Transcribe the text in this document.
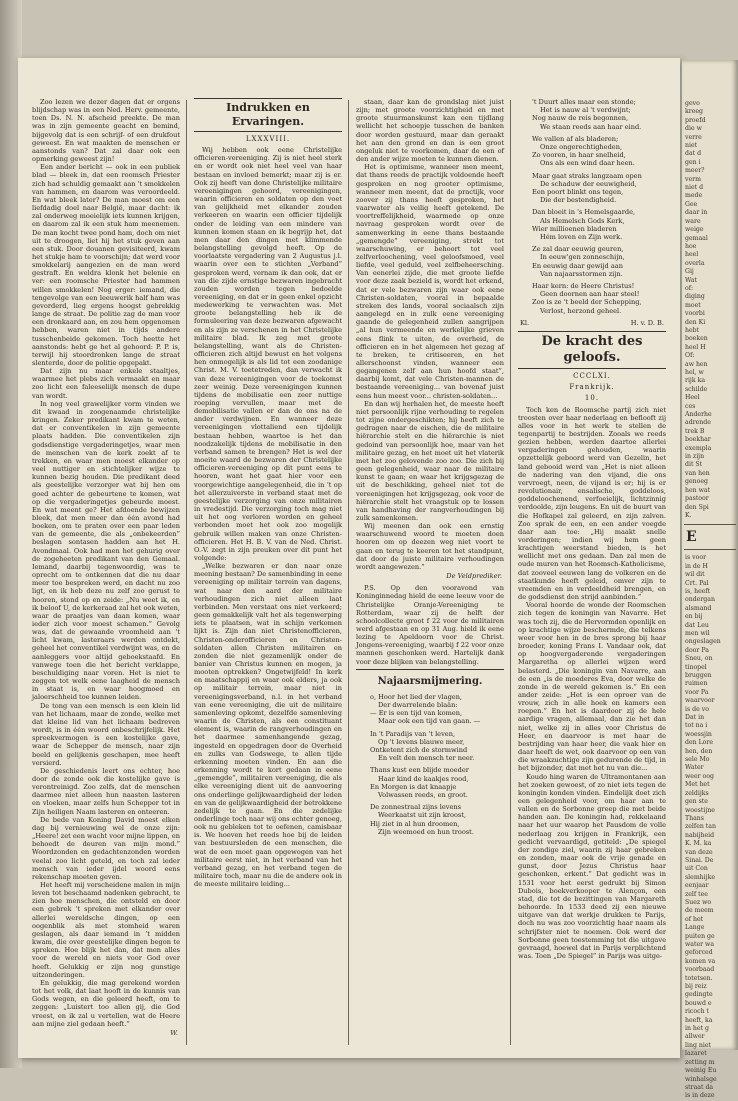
Zoo lezen we dezer dagen dat er orgens blijdschap was in een Ned. Herv. gemeente, toen Ds. N. N. afscheid preekte. De man was in zijn gemeente geacht en bemind, bijgevolg dat is een schrijf- of een drukfout geweest. En wat maakten de menschen er aanstonds van? Dat zal daar ook een opmerking geweest zijn!

Een ander bericht — ook in een publiek blad — bleek in, dat een roomsch Priester zich had schuldig gemaakt aan 't smokkelen van hammen, en daarom was veroordeeld. En wat bleek later? De man moest om een liefdadig doel naar België, maar dacht: ik zal onderweg moeielijk iets kunnen krijgen, en daarom zal ik een stuk ham meenemen. De man kocht twee pond ham, doch om niet uit te droogen, liet hij het stuk geven aan een stuk. Door douanen gevisiteerd, kwam het stukje ham te voorschijn; dat werd voor smokkelarij aangezien en de man werd gestraft. En weldra klonk het belenie en ver: een roomsche Priester had hammen willen smokkelen! Nog erger: iemand, die tengevolge van een leeuwerik half ham was gevorderd, lieg ergens hoogst gebrekkig lange de straat. De politie zag de man voor een dronkaard aan, en zou hem opgenomen hebben, waren niet in tijds andere tusschenbeide gekomen. Toch heette het aanstonds: hebt ge het al gehoord: P. P. is, terwijl hij stoordronken lange de straat slenterde, door de politie opgepakt.

Dat zijn nu maar enkele staaltjes, waarmee het plebs zich vermaakt en maar zoo licht een faleeseliijk mensch de dupe van wordt.

In nog veel grawelijker vorm vinden we dit kwaad in zoogenaamde christelijke kringen. Zeker predikant kwam te weten, dat er conventikelen in zijn gemeente plaats hadden. Die conventikelen zijn godsdienstige vergaderingetjes, waar men de menschen van de kerk zoekt af te trekken, en waar men moest elkander op veel nuttiger en stichtelijker wijze te kunnen bezig houden. Die predikant deed als geestelijke verzorger wat bij hen om goed achter de gebeurtene te komen, wat op die vergaderingetjes gebeurde moest. En wat meent ge? Het afdoende bewijzen bleek, dat men meer dan één avond had boeken, om te praten over een paar leden van de gemeente, die als „onbekeerden” beslagen sontasen hadden aan het H. Avondmaal. Ook had men het gehurig over de zogeheeten predikant van den Gemaal. Iemand, daarbij tegenwoordig, was te oprecht om te ontkennen dat die nu daar meer toe bespreken werd, en dacht nu zoo ligt, en ik heb deze nu zelf zoo gerust te hooren, stond op en zeide: „Nu weet ik, en ik beloof U, de kerkeraad zal het ook weten, waar de praatjes van daan komen, waar ieder zich voor moest schamen.” Gevolg was, dat de gewaande vroomheid aan 't licht kwam, lasteraars werden ontdekt, geheel het conventikel verdwijnt was, en de aanleggers voor altijd geboekstaafd. En vanwege toen die het bericht verklappe, beschuldiging naar voren. Het is niet te zeggen tot welk eene laagheid de mensch in staat is, en waar hoogmoed en jaloerschheid toe kunnen leiden.

De tong van een mensch is een klein lid van het lichaam, maar de zonde, welke met dat kleine lid van het lichaam bedreven wordt, is in één woord onbeschrijfelijk. Het spreekvermogen is een kostelijke gave, waar de Schepper de mensch, naar zijn beeld en gelijkenis geschapen, mee heeft versierd.

De geschiedenis leert ons echter, hoe door de zonde ook die kostelijke gave is verontreinigd. Zoo zelfs, dat de menschen daarmee niet alleen hun naasten lasteren en vloeken, maar zelfs hun Schepper tot in Zijn heiligen Naam lasteren en onteeren.

De bede van Koning David moest elken dag bij vernieuwing wel de onze zijn: „Heere! zet een wacht voor mijne lippen, en behoedt de deuren van mijn mond.” Woordzonden en gedachtenzonden worden veelal zoo licht geteld, en toch zal ieder mensch van ieder ijdel woord eens rekenschap moeten geven.

Het heeft mij verscheidene malen in mijn leven tot beschaamd nadenken gebracht, te zien hoe menschen, die ontsteld en door een gebrek ’t spreken met elkander over allerlei wereldsche dingen, op een oogenblik als met stomheid waren geslagen, als daar iemand in ’t midden kwam, die over geestelijke dingen begon te spreken. Hoe blijk het dan, dat men alles voor de wereld en niets voor God over heeft. Gelukkig er zijn nog gunstige uitzonderingen.

En gelukkig, die mag gerekend worden tot het volk, dat laat hooft in de kunnis van Gods wegen, en die geleerd heeft, om te zeggen: „Luistert too allen gij, die God vreest, en ik zal u vertellen, wat de Heere aan mijne ziel gedaan heeft.”

W.
Indrukken en Ervaringen.
LXXXVIII.

Wij hebben ook eene Christelijke officieren-vereeniging. Zij is niet heel sterk en er wordt ook niet heel veel van haar bestaan en invloed bemerkt; maar zij is er. Ook zij heeft van done Christelijke militaire vereenigingen gehoord, vereenigingen, waarin officieren en soldaten op den voet van gelijkheid met elkander zouden verkeeren en waarin een officier tijdelijk onder de leiding van een mindere van kunnen komen staan en ik begrijp het, dat men daar den dingen met klimmende belangstelling gevolgd heeft. Op de voorlaatste vergadering van 2 Augustus j.l. waarin over een te stichten „Verband” gesproken werd, vernam ik dan ook, dat er van die zijde ernstige bezwaren ingebracht zouden worden tegen bedoelde vereeniging, en dat er in geen enkel opzicht medewerking te verwachten was. Met groote belangstelling heb ik de formuleering van deze bezwaren afgewacht en als zijn ze verschenen in het Christelijke militaire blad. Ik zeg met groote belangstelling, want als de Christen-officieren zich altijd bewust en het volgens hen onmogelijk is als lid tot een zoodanige Christ. M. V. toetetreden, dan verwacht ik van deze vereenigingen voor de toekomst zeer weinig. Deze vereenigingen kunnen tijdens de mobilisatie een zeer nuttige roeping vervullen, maar met de demobilisatie vallen er dan de ons na de ander verdwijnen. En wanneer deze vereenigingen vlottaliend een tijdelijk bestaan hebben, waartoe is het dan noodzakelijk tijdens de mobilisatie in den verband samen te brengen? Het is wel der moeite waard de bezwaren der Christelijke officieren-vereeniging op dit punt eens te hooren, want het gaat hier voor een voorgewichtige aangelegenheid, die in ’t op het allerzuiverste in verband staat met de geestelijke verzorging van onze militairen in vredestijd. Die verzorging toch mag niet uit het oog verloren worden en geheel verbonden moet het ook zoo mogelijk gebruik willen maken van onze Christen-officieren. Het H. B. V. van de Ned. Christ. O.-V. zegt in zijn preuken over dit punt het volgende:

„Welke bezwaren er dan naar onze meening bestaan? De samenbinding in eene vereeniging op militair terrein van dagens, wat naar den aard der militaire verhoudingen zich niet alleen laat verbinden. Men verstaat ons niet verkeerd; geen gemakkelijk valt het als tegenwerping iets te plaatsen, wat in schijn verkomen lijkt is. Zijn dan niet Christenofficieren, Christen-onderofficieren en Christen-soldaten allen Christen militairen en zonden die niet gezamenlijk onder de banier van Christus kunnen en mogen, ja mooten optrekken? Ongetwijfeld! In kerk en maatschappij en waar ook elders, ja ook op militair terrein, maar niet in vereenigingsverband, n.l. in het verband van eene vereeniging, die uit de militaire samenleving opkomt, dezelfde samenleving waarin de Christen, als een constituant element is, waarin de rangverhoudingen en het daarmee samenhangende gezag, ingesteld en opgedragen door de Overheid en zulks van Godswege, te allen tijde erkenning moeten vinden. En aan die erkenning wordt te kort gedaan in eene „gemengde”, militairen vereeniging, die als elke vereeniging dient uit de aanvoering ons onderlinge gelijkwaardigheid der leden en van de gelijkwaardigheid der betrokkene zedelijk te gaan. En die zedelijke onderlinge toch naar wij ons echter genoeg, ook nu gebleken tot te oefenen, camisbaar is. We hoeven het reeds hoe bij de leiden van bestuursleden de een menschen, die wat de een moet gaan opgewogen van het militaire eerst niet, in het verband van het verband gezag, en het verband tegen de militaire toch, maar nu die de andere ook in de meeste militaire leiding...

staan, daar kan de grondslag niet juist zijn; met groote voorzichtigheid en met groote stuurmanskunst kan een tijdlang wellicht het schoepje tusschen de banken door worden gestuurd, maar dan geraakt het aan den grond en dan is een groot ongeluk niet te voorkomen, daar de een of den ander wijze moeten te kunnen dienen.

Het is optimisme, wanneer men meent, dat thans reeds de practijk voldoende heeft gesproken en nog grooter optimisme, wanneer men meent, dat de practijk, voor zoover zij thans heeft gesproken, het vaarwater als veilig heeft getekend. De voortreffelijkheid, waarmede op onze navraag gesproken wordt over de samenwerking in eene thans bestaande „gemengde” vereeniging, strekt tot waarschuwing, er behoort tot veel zelfverloochening, veel geloofsmoed, veel liefde, veel geduld, veel zelfbeheersching. Van eenerlei zijde, die met groote liefde voor deze zaak bezield is, wordt het erkend, dat er vele bezwaren zijn waar ook eene Christen-soldaten, vooral in bepaalde streken des lands, vooral sociaalsch zijn aangelegd en in zulk eene vereeniging gaande de gelegenheid zullen aangrijpen „al hun vermeende en werkelijke grieven eens flink te uiten, de overheid, de officieren en in het algemeen het gezag af te breken, te critiseeren, en het allerschoonst vinden, wanneer een gegangenen zelf aan hun hoofd staat”, daarbij komt, dat vele Christen-mannen de bestaande vereeniging... van bovenaf juist eens hun meest voor... christen-soldaten...

En dan wij herhalen het, de meeste heeft niet persoonlijk rijne verhouding te regelen tot zijne ondergeschikten; hij heeft zich te gedragen naar de eischen, die de militaire hiërarchie stelt en die hiërarchie is niet gedoind van persoonlijk hoe, maar van het militaire gezag, en het moet uit het vlaterik met het zoo gelovende zoo zoo. Die zich bij geen gelegenheid, waar naar de militaire kunst te gaan; en waar het krijgsgezag de uit de beschikking, geheel niet tot de vereenigingen het krijgsgezag, ook voor de hiërarchie stelt het vraagstuk op te lossen van handhaving der rangverhoudingen bij zulk samenkomen.

Wij meenen dan ook een ernstig waarschuwend woord te moeten doen hooren om op deezen weg niet voort te gaan en terug te keeren tot het standpunt, dat door de juiste militaire verhoudingen wordt aangewezen.”

De Veldprediker.

P.S. Op den vooravond van Koninginnedag hield de eene leeuw voor de Christelijke Oranje-Vereeniging te Rotterdam, waar zij de helft der schoolcollecte groot f 22 voor de militairen werd afgestaan en op 31 Aug. hield ik eene lezing te Apeldoorn voor de Christ. Jongens-vereeniging, waarbij f 22 voor onze mannen geschonken werd. Hartelijk dank voor deze blijken van belangstelling.

Najaarsmijmering.
o, Hoor het lied der vlagen,
Der dwarrelende blaân:
— Er is een tijd van komen,
Maar ook een tijd van gaan. —
In 't Paradijs van 't leven,
Op 't levens blauwe meer,
Ontketent zich de stormwind
En velt den mensch ter neer.
Thans kust een blijde moeder
Haar kind de kaakjes rood,
En Morgen is dat knaapje
Volwassen reeds, en groot.
De zonnestraal zijns levens
Weerkaatst uit zijn kroost,
Hij ziet in al hun droomen,
Zijn weemoed en hun troost.
't Duurt alles maar een stonde;
Het is nauw al 't verdwijnt;
Nog nauw de reis begonnen,
We staan reeds aan haar eind.
We vallen af als bladeren;
Onze ongerechtigheden,
Zo vooren, in haar snelheid,
Ons als een wind daar heen.
Maar gaat straks langzaam open
De schaduw der eeuwigheid,
Een poort blinkt ons tegen,
Die der bestendigheid.
Dan bloeit in 's Hemelsgaarde,
Als Hemelsch Gods Kerk,
Wier millioenen bladeren
Hém loven en Zijn werk.
Ze zal daar eeuwig geuren,
In eeuw'gen zonneschijn,
En eeuwig daar gewijd aan
Van najaarsstormen zijn.
Haar kern: de Heere Christus!
Geen doornen aan haar steel!
Zoo is ze 't beeld der Schepping,
Verlost, herzond geheel.
Kl.	H. v. D. B.
De kracht des geloofs.
CCCLXI.
Frankrijk.
10.

Toch ken de Roomsche partij zich niet troosten over haar nederlaag en beflooft zij alles voor in het werk te stellen de tegenpartij te bestrijden. Zooals we reeds gezien hebben, werden daartoe allerlei vergaderingen gehouden, waarin opzettelijk geboord werd van Gezelin, het land gebooid werd van „Het is niet alleen de nadering van den vijand, die ons vervroegt, neen, de vijand is er; hij is er revolutionair, ensalische, goddeloos, goddeloochenend, verfoeielijk, lichtzinnig verdoolde, zijn leugens. En uit de buurt van die Hofkapel zal geleerd, en zijn zalven. Zoo sprak de een, en een ander voegde daar aan toe: „Hij maakt snelle vorderingen; indien wij hem geen krachtigen weerstand bieden, is het wellicht met ons gedaan. Dan zal men de oude muren van het Roomsch-Katholicisme, dat zooveel eeuwen lang de volkeren en de staatkunde heeft geleid, omver zijn te vreemden en in verdeeldheid brengen, en de godsdienst den strijd aanbinden.”

Vooral hoorde de wonde der Roomschen zich tegen de koningin van Navarre. Het was toch zij, die de Hervormden openlijk en op krachtige wijze beschermde, die telkens weer voor hen in de bres sprong bij haar broeder, koning Frans I. Vandaar ook, dat op hoogvergaderende vergaderingen Margaretha op allerlei wijzen werd belasterd. „Die koningin van Navarre, aan de een „is de moederes Eva, door welke de zonde in de wereld gekomen is.” En een ander zeide: „Het is een oproer van de vrouw, zich in alle hoek en kamers een roepen.” En het is daardoor zij de hele aardige vragen, allemaal, dan zie het dan niet, welke zij in alles voor Christus de Heer, en daarvoor is met haar de bestrijding van haar heer, die vaak hier en daar heeft de wet, ook daarvoor op een van die wraakzuchtige zijn gedurende de tijd, in het bijzonder, dat met het nu van die...

Koudo hing waren de Ultramontanen aan het zoeken gewoest, of zo niet iets tegen de koningin konden vinden. Eindelijk doet zich een gelegenheid voor, om haar aan te vallen en de Sorbonne greep die met beide handen aan. De koningin had, rekkelaand naar het uur waarop het Pausdom de volle nederlaag zou krijgen in Frankrijk, een gedicht vervaardigd, getiteld: „De spiegel der zondige ziel, waarin zij haar gebreken en zonden, maar ook de vrije genade en gunst, door Jezus Christus haar geschonken, erkent.” Dat gedicht was in 1531 voor het eerst gedrukt bij Simon Dubois, boekverkooper te Alençon, een stad, die tot de bezittingen van Margareth behoorde. In 1533 deed zij een nieuwe uitgave van dat werkje drukken te Parijs, doch nu was zoo voorzichtig haar naam als schrijfster niet te noemen. Ook werd der Sorbonne geen toestemming tot die uitgave gevraagd, hoewel dat in Parijs verplichtend was. Toen „De Spiegel” in Parijs was uitge-

gevo
kreeg
proefd
die w
verre
niet
dat d
gen i
meer?
verm
niet d
mede
Gee
daar in
ware
weige
gemaal
hoe
heel
overla
Gij
Wat
of:
diging
moet
voorbi
den Ki
hebt
boeken
heel H
Of:
aw hen
hel, w
rijk ka
schilde
Heel
ces
Anderhe
adrende
trek B
boekhar
exempla
in zijn
dit St
van hen
genoeg
hen wat
pastoor
den Spi
K.
E
is voor
in de H
wil dit
Crt. Pal
is, heeft
ondergan
alsmand
en bij
dat Leu
men wil
ongeslagen
door Pa
Sneu, on
tinopel
bruggen
ruimen
voor Pa
waarvoor
is de vo
Dat in
tot na i
woessjin
den Lore
hen, den
sele Mo
Water
weer oog
Met het
zeldijks
gen ste
woestijne
Thans
zelfen tan
nabijheid
K. M. ka
van deze
Sinai. De
uit Con
slemhijke
eenjaar
zelf tee
Suez wo
de meem
of het
Lange
puiten ge
water wa
geforced
komen va
voorbaad
totetsen.
bij reiz
gedingte
bouwd e
ricoch t
heeft, ka
in het g
allwer
ling niet
lazaret
zetting m
weinig Eu
winhalsge
straat da
is in deze
